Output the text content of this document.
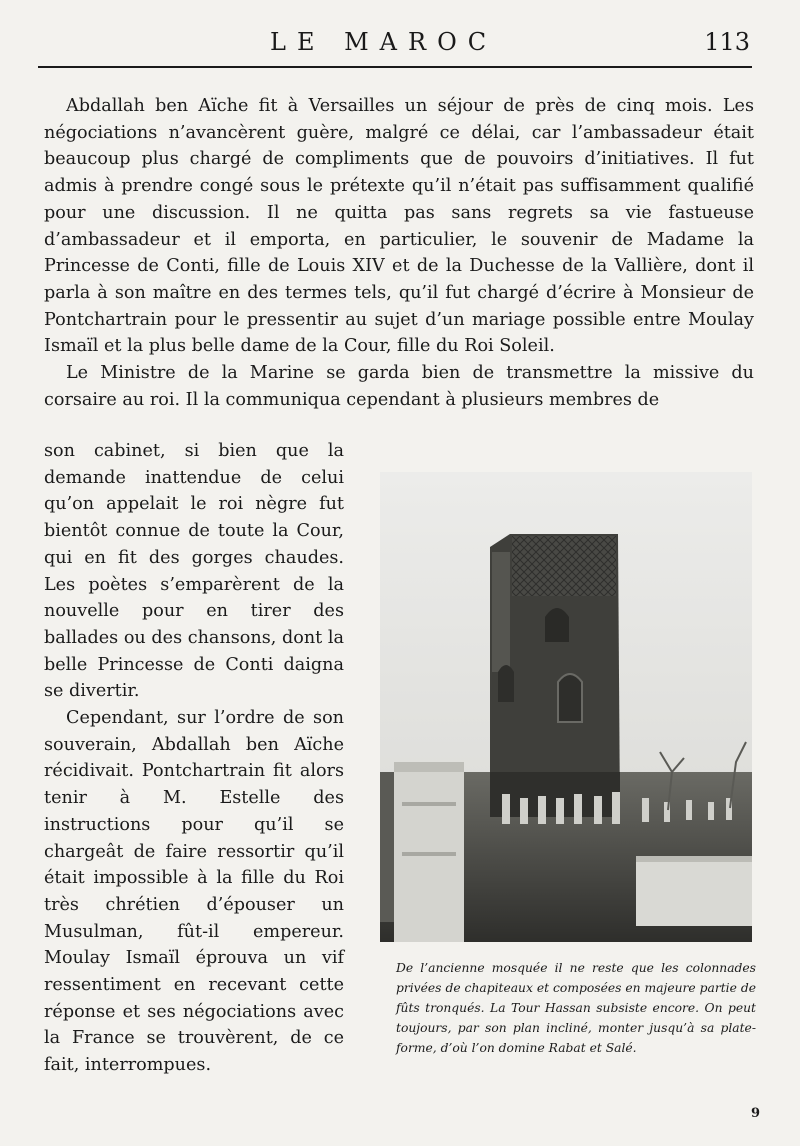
LE MAROC	113

Abdallah ben Aïche fit à Versailles un séjour de près de cinq mois. Les négociations n’avancèrent guère, malgré ce délai, car l’ambassadeur était beaucoup plus chargé de compliments que de pouvoirs d’initiatives. Il fut admis à prendre congé sous le prétexte qu’il n’était pas suffisamment qualifié pour une discussion. Il ne quitta pas sans regrets sa vie fastueuse d’ambassadeur et il emporta, en particulier, le souvenir de Madame la Princesse de Conti, fille de Louis XIV et de la Duchesse de la Vallière, dont il parla à son maître en des termes tels, qu’il fut chargé d’écrire à Monsieur de Pontchartrain pour le pressentir au sujet d’un mariage possible entre Moulay Ismaïl et la plus belle dame de la Cour, fille du Roi Soleil.

Le Ministre de la Marine se garda bien de transmettre la missive du corsaire au roi. Il la communiqua cependant à plusieurs membres de

son cabinet, si bien que la demande inattendue de celui qu’on appelait le roi nègre fut bientôt connue de toute la Cour, qui en fit des gorges chaudes. Les poètes s’emparèrent de la nouvelle pour en tirer des ballades ou des chansons, dont la belle Princesse de Conti daigna se divertir.

Cependant, sur l’ordre de son souverain, Abdallah ben Aïche récidivait. Pontchartrain fit alors tenir à M. Estelle des instructions pour qu’il se chargeât de faire ressortir qu’il était impossible à la fille du Roi très chrétien d’épouser un Musulman, fût-il empereur. Moulay Ismaïl éprouva un vif ressentiment en recevant cette réponse et ses négociations avec la France se trouvèrent, de ce fait, interrompues.

De l’ancienne mosquée il ne reste que les colonnades privées de chapiteaux et composées en majeure partie de fûts tronqués. La Tour Hassan subsiste encore. On peut toujours, par son plan incliné, monter jusqu’à sa plate-forme, d’où l’on domine Rabat et Salé.
9
